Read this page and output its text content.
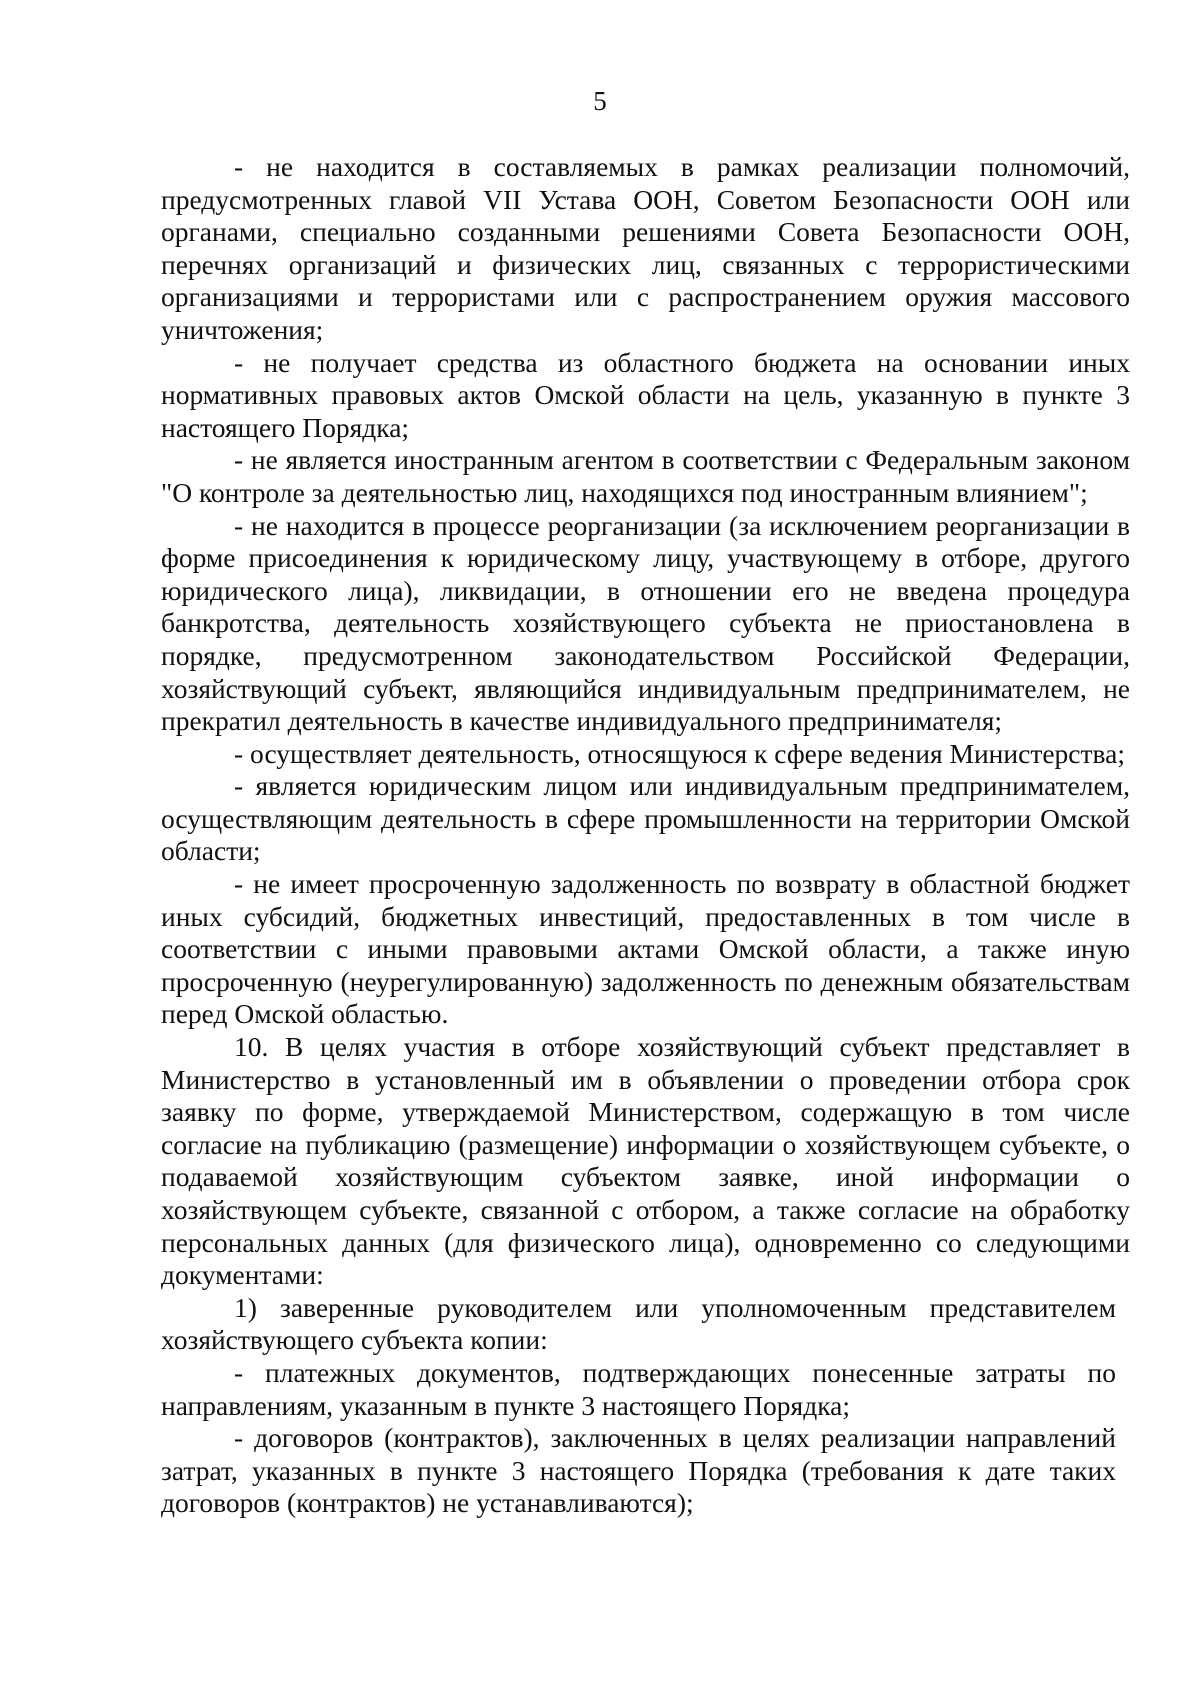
5

- не находится в составляемых в рамках реализации полномочий, предусмотренных главой VII Устава ООН, Советом Безопасности ООН или органами, специально созданными решениями Совета Безопасности ООН, перечнях организаций и физических лиц, связанных с террористическими организациями и террористами или с распространением оружия массового уничтожения;

- не получает средства из областного бюджета на основании иных нормативных правовых актов Омской области на цель, указанную в пункте 3 настоящего Порядка;

- не является иностранным агентом в соответствии с Федеральным законом "О контроле за деятельностью лиц, находящихся под иностранным влиянием";

- не находится в процессе реорганизации (за исключением реорганизации в форме присоединения к юридическому лицу, участвующему в отборе, другого юридического лица), ликвидации, в отношении его не введена процедура банкротства, деятельность хозяйствующего субъекта не приостановлена в порядке, предусмотренном законодательством Российской Федерации, хозяйствующий субъект, являющийся индивидуальным предпринимателем, не прекратил деятельность в качестве индивидуального предпринимателя;

- осуществляет деятельность, относящуюся к сфере ведения Министерства;

- является юридическим лицом или индивидуальным предпринимателем, осуществляющим деятельность в сфере промышленности на территории Омской области;

- не имеет просроченную задолженность по возврату в областной бюджет иных субсидий, бюджетных инвестиций, предоставленных в том числе в соответствии с иными правовыми актами Омской области, а также иную просроченную (неурегулированную) задолженность по денежным обязательствам перед Омской областью.

10. В целях участия в отборе хозяйствующий субъект представляет в Министерство в установленный им в объявлении о проведении отбора срок заявку по форме, утверждаемой Министерством, содержащую в том числе согласие на публикацию (размещение) информации о хозяйствующем субъекте, о подаваемой хозяйствующим субъектом заявке, иной информации о хозяйствующем субъекте, связанной с отбором, а также согласие на обработку персональных данных (для физического лица), одновременно со следующими документами:

1) заверенные руководителем или уполномоченным представителем хозяйствующего субъекта копии:

- платежных документов, подтверждающих понесенные затраты по направлениям, указанным в пункте 3 настоящего Порядка;

- договоров (контрактов), заключенных в целях реализации направлений затрат, указанных в пункте 3 настоящего Порядка (требования к дате таких договоров (контрактов) не устанавливаются);
